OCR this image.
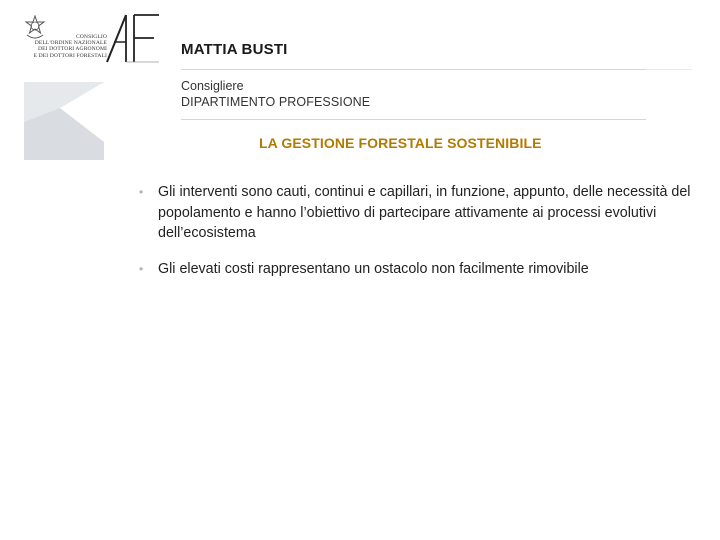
CONSIGLIO
DELL'ORDINE NAZIONALE
DEI DOTTORI AGRONOMI
E DEI DOTTORI FORESTALI	MATTIA BUSTI
Consigliere
DIPARTIMENTO PROFESSIONE
LA GESTIONE FORESTALE SOSTENIBILE
• Gli interventi sono cauti, continui e capillari, in funzione, appunto, delle necessità del popolamento e hanno l’obiettivo di partecipare attivamente ai processi evolutivi dell’ecosistema
• Gli elevati costi rappresentano un ostacolo non facilmente rimovibile
